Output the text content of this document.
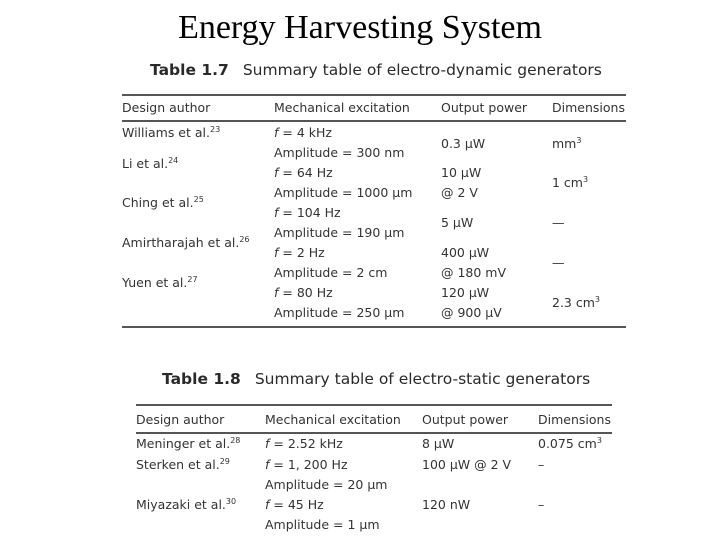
Energy Harvesting System
Table 1.7 Summary table of electro-dynamic generators
Design author	Mechanical excitation Output power Dimensions
Williams et al.$^{23}$
Li et al.$^{24}$
Ching et al.$^{25}$
Amirtharajah et al.$^{26}$
Yuen et al.$^{27}$
f = 4 kHz
Amplitude = 300 nm
f = 64 Hz
Amplitude = 1000 μm
f = 104 Hz
Amplitude = 190 μm
f = 2 Hz
Amplitude = 2 cm
f = 80 Hz
Amplitude = 250 μm
0.3 μW
10 μW
@ 2 V
5 μW
400 μW
@ 180 mV
120 μW
@ 900 μV
$mm^3$
1 $cm^3$
—
—
2.3 $cm^3$
Table 1.8 Summary table of electro-static generators
Design author	Mechanical excitation Output power Dimensions
Meninger et al.$^{28}$
Sterken et al.$^{29}$
Miyazaki et al.$^{30}$
f = 2.52 kHz
f = 1, 200 Hz
Amplitude = 20 μm
f = 45 Hz
Amplitude = 1 μm
8 μW
100 μW @ 2 V
120 nW
0.075 $cm^3$
–
–
